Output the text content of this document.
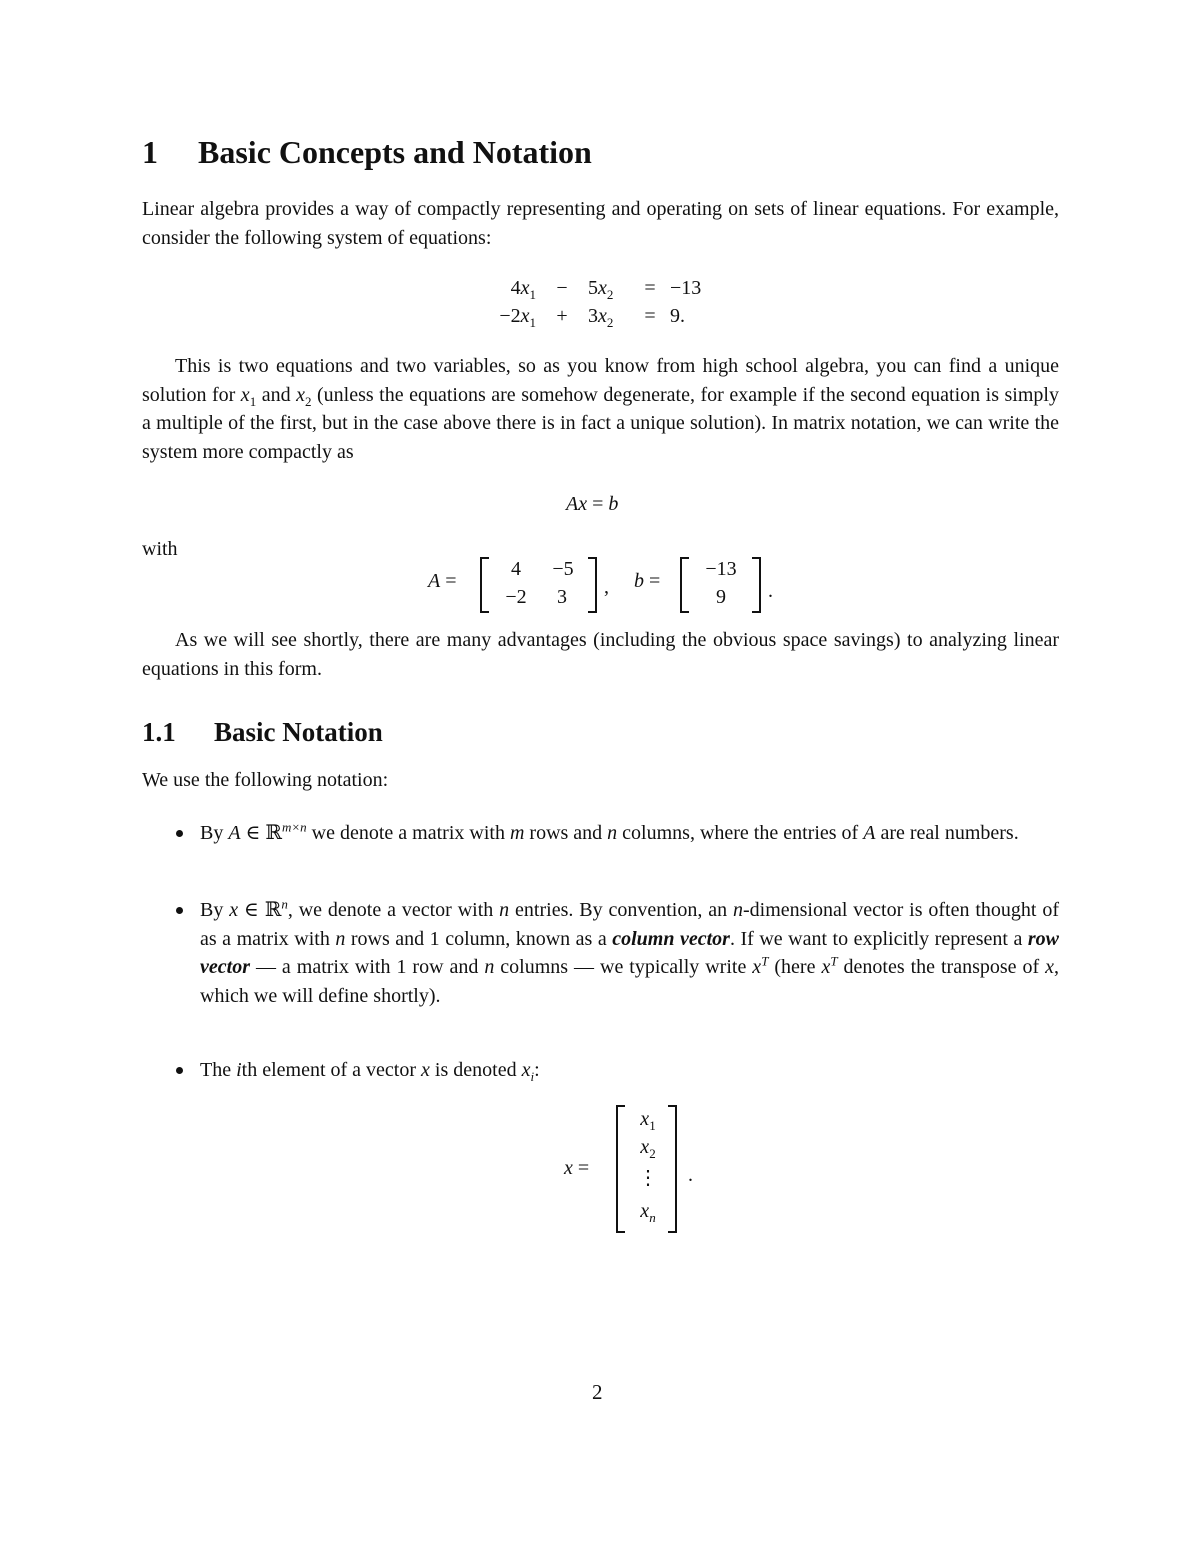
1 Basic Concepts and Notation
Linear algebra provides a way of compactly representing and operating on sets of linear equations. For example, consider the following system of equations:
$4x_1$	−	$5x_2$	=	−13
$-2x_1$	+	$3x_2$	=	9.
This is two equations and two variables, so as you know from high school algebra, you can find a unique solution for $x_1$ and $x_2$ (unless the equations are somehow degenerate, for example if the second equation is simply a multiple of the first, but in the case above there is in fact a unique solution). In matrix notation, we can write the system more compactly as
Ax = b
with
A =
4	−5
−2	3	, b =
−13
9	.
As we will see shortly, there are many advantages (including the obvious space savings) to analyzing linear equations in this form.
1.1 Basic Notation
We use the following notation:
By A ∈ ℝ$^{m\times n}$ we denote a matrix with m rows and n columns, where the entries of A are real numbers.
By x ∈ ℝ$^n$, we denote a vector with n entries. By convention, an n-dimensional vector is often thought of as a matrix with n rows and 1 column, known as a column vector. If we want to explicitly represent a row vector — a matrix with 1 row and n columns — we typically write $x^T$ (here $x^T$ denotes the transpose of x, which we will define shortly).
The ith element of a vector x is denoted $x_i$:
x =
$x_1$
$x_2$
⋮
$x_n$
.
2
